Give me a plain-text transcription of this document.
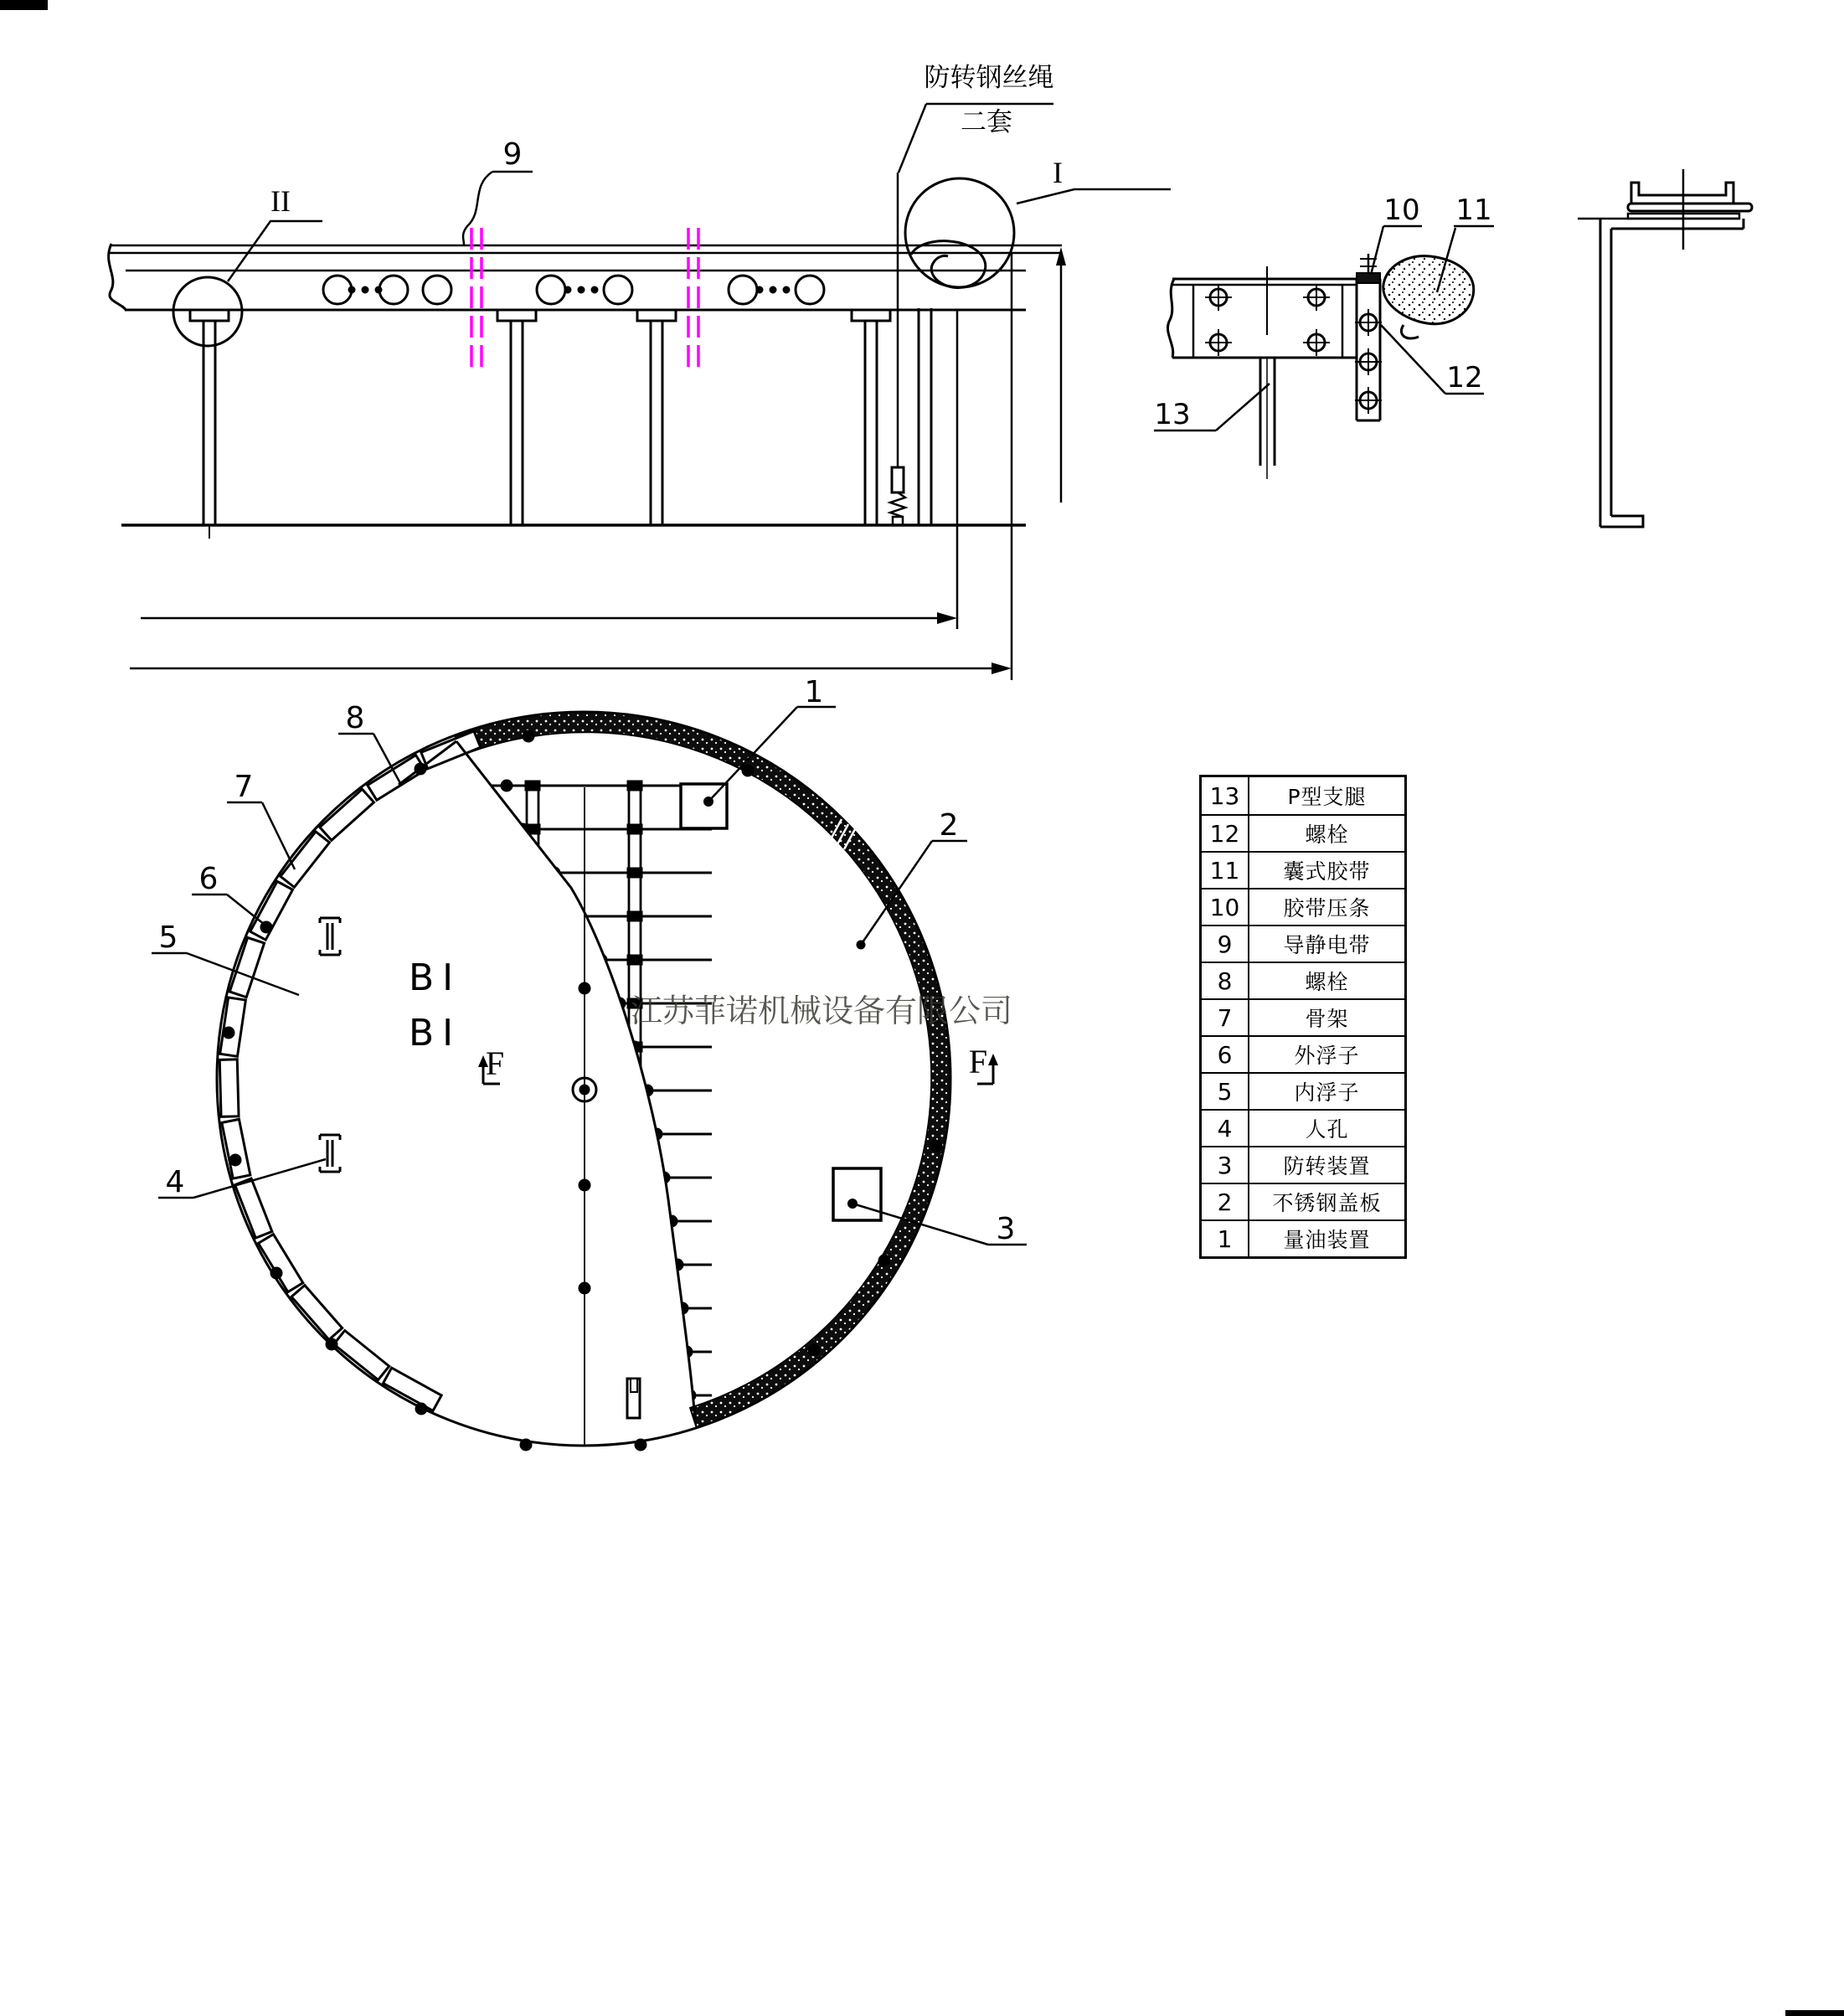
防转钢丝绳
二套
9
II
I
10 11
12
13
8
7
6
5
4
1
2
3
BI
BI
F	F
江苏菲诺机械设备有限公司
13	P型支腿
12	螺栓
11	囊式胶带
10	胶带压条
9	导静电带
8	螺栓
7	骨架
6	外浮子
5	内浮子
4	人孔
3	防转装置
2	不锈钢盖板
1	量油装置
